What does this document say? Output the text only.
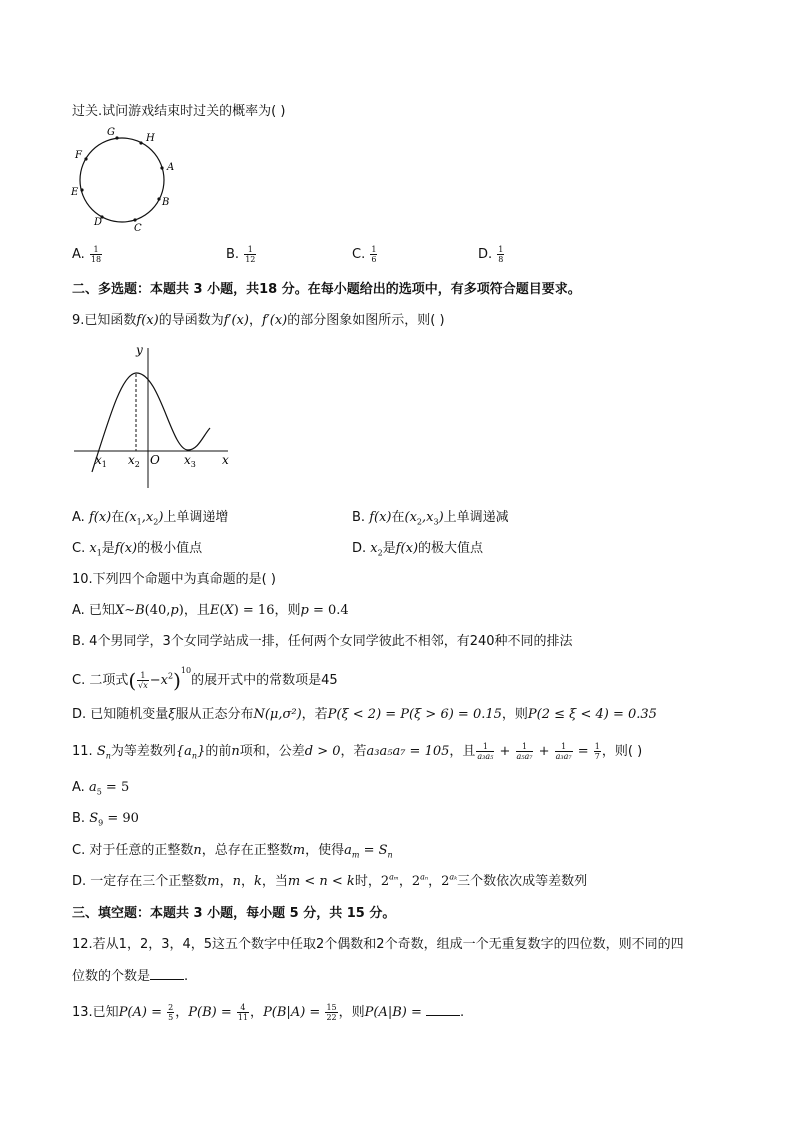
过关.试问游戏结束时过关的概率为( )
G
H
A
B
C
D
E
F
A. $\frac{1}{18}$	B. $\frac{1}{12}$	C. $\frac{1}{6}$	D. $\frac{1}{8}$
二、多选题：本题共 3 小题，共18 分。在每小题给出的选项中，有多项符合题目要求。
9.已知函数f(x)的导函数为f′(x)，f′(x)的部分图象如图所示，则( )
y
x
O
$x_1$ $x_2$	$x_3$
A. f(x)在$(x_1,x_2)$上单调递增	B. f(x)在$(x_2,x_3)$上单调递减
C. $x_1$是f(x)的极小值点	D. $x_2$是f(x)的极大值点
10.下列四个命题中为真命题的是( )
A. 已知X∼B(40,p)，且E(X) = 16，则p = 0.4
B. 4个男同学，3个女同学站成一排，任何两个女同学彼此不相邻，有240种不同的排法
C. 二项式( $\frac{1}{√x} -x^2)^{10}$的展开式中的常数项是45
D. 已知随机变量ξ服从正态分布N(μ,σ²)，若P(ξ < 2) = P(ξ > 6) = 0.15，则P(2 ≤ ξ < 4) = 0.35
11. $S_n$为等差数列$\{a_n\}$的前n项和，公差d > 0，若a₃a₅a₇ = 105，且 $\frac{1}{\text{a₃a₅}} + \frac{1}{\text{a₅a₇}} + \frac{1}{\text{a₃a₇}} = \frac{1}{7}$ ，则( )
A. $a_5 = 5$
B. $S_9 = 90$
C. 对于任意的正整数n，总存在正整数m，使得$a_m = S_n$
D. 一定存在三个正整数m，n，k，当m < n < k时，$2^{a_m}$，$2^{a_n}$，$2^{a_k}$三个数依次成等差数列
三、填空题：本题共 3 小题，每小题 5 分，共 15 分。
12.若从1，2，3，4，5这五个数字中任取2个偶数和2个奇数，组成一个无重复数字的四位数，则不同的四
位数的个数是	.
13.已知$P(A) = \frac{2}{5}$ ，$P(B) = \frac{4}{11}$ ，$P(B|A) = \frac{15}{22}$ ，则P(A|B) =	.
